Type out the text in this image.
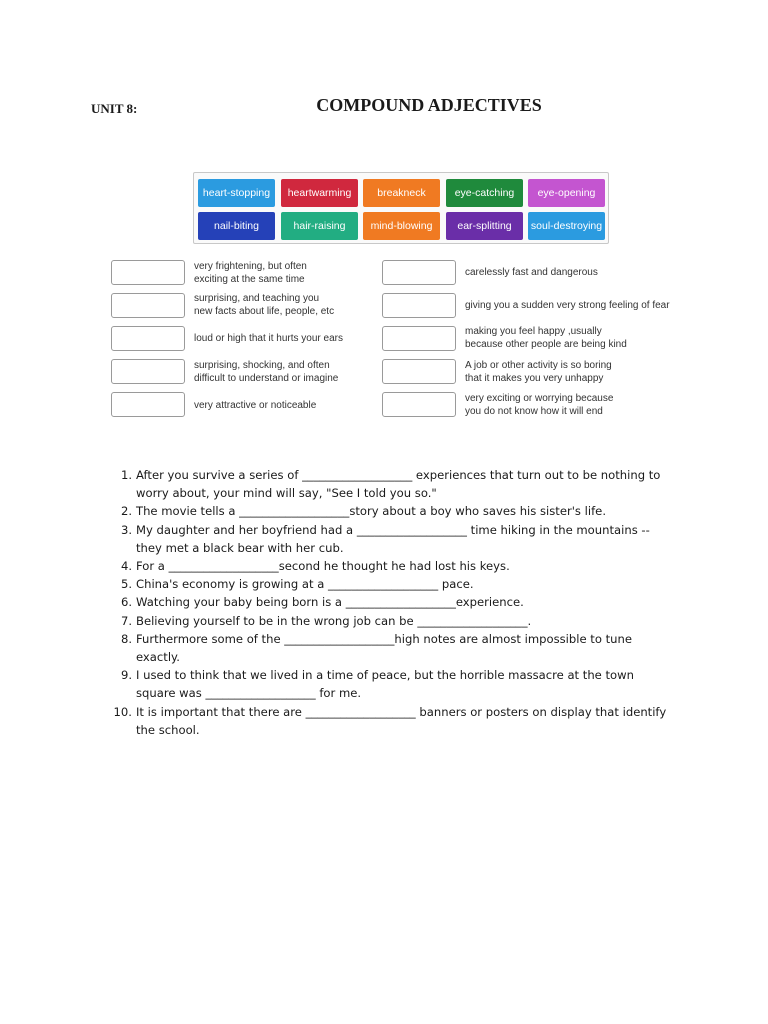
UNIT 8:	COMPOUND ADJECTIVES
heart-stopping	heartwarming	breakneck	eye-catching	eye-opening
nail-biting	hair-raising	mind-blowing	ear-splitting	soul-destroying
very frightening, but often
exciting at the same time
surprising, and teaching you
new facts about life, people, etc
loud or high that it hurts your ears
surprising, shocking, and often
difficult to understand or imagine
very attractive or noticeable
carelessly fast and dangerous
giving you a sudden very strong feeling of fear
making you feel happy ,usually
because other people are being kind
A job or other activity is so boring
that it makes you very unhappy
very exciting or worrying because
you do not know how it will end
1. After you survive a series of ___________________ experiences that turn out to be nothing to worry about, your mind will say, "See I told you so."
2. The movie tells a ___________________story about a boy who saves his sister's life.
3. My daughter and her boyfriend had a ___________________ time hiking in the mountains -- they met a black bear with her cub.
4. For a ___________________second he thought he had lost his keys.
5. China's economy is growing at a ___________________ pace.
6. Watching your baby being born is a ___________________experience.
7. Believing yourself to be in the wrong job can be ___________________.
8. Furthermore some of the ___________________high notes are almost impossible to tune exactly.
9. I used to think that we lived in a time of peace, but the horrible massacre at the town square was ___________________ for me.
10. It is important that there are ___________________ banners or posters on display that identify the school.
